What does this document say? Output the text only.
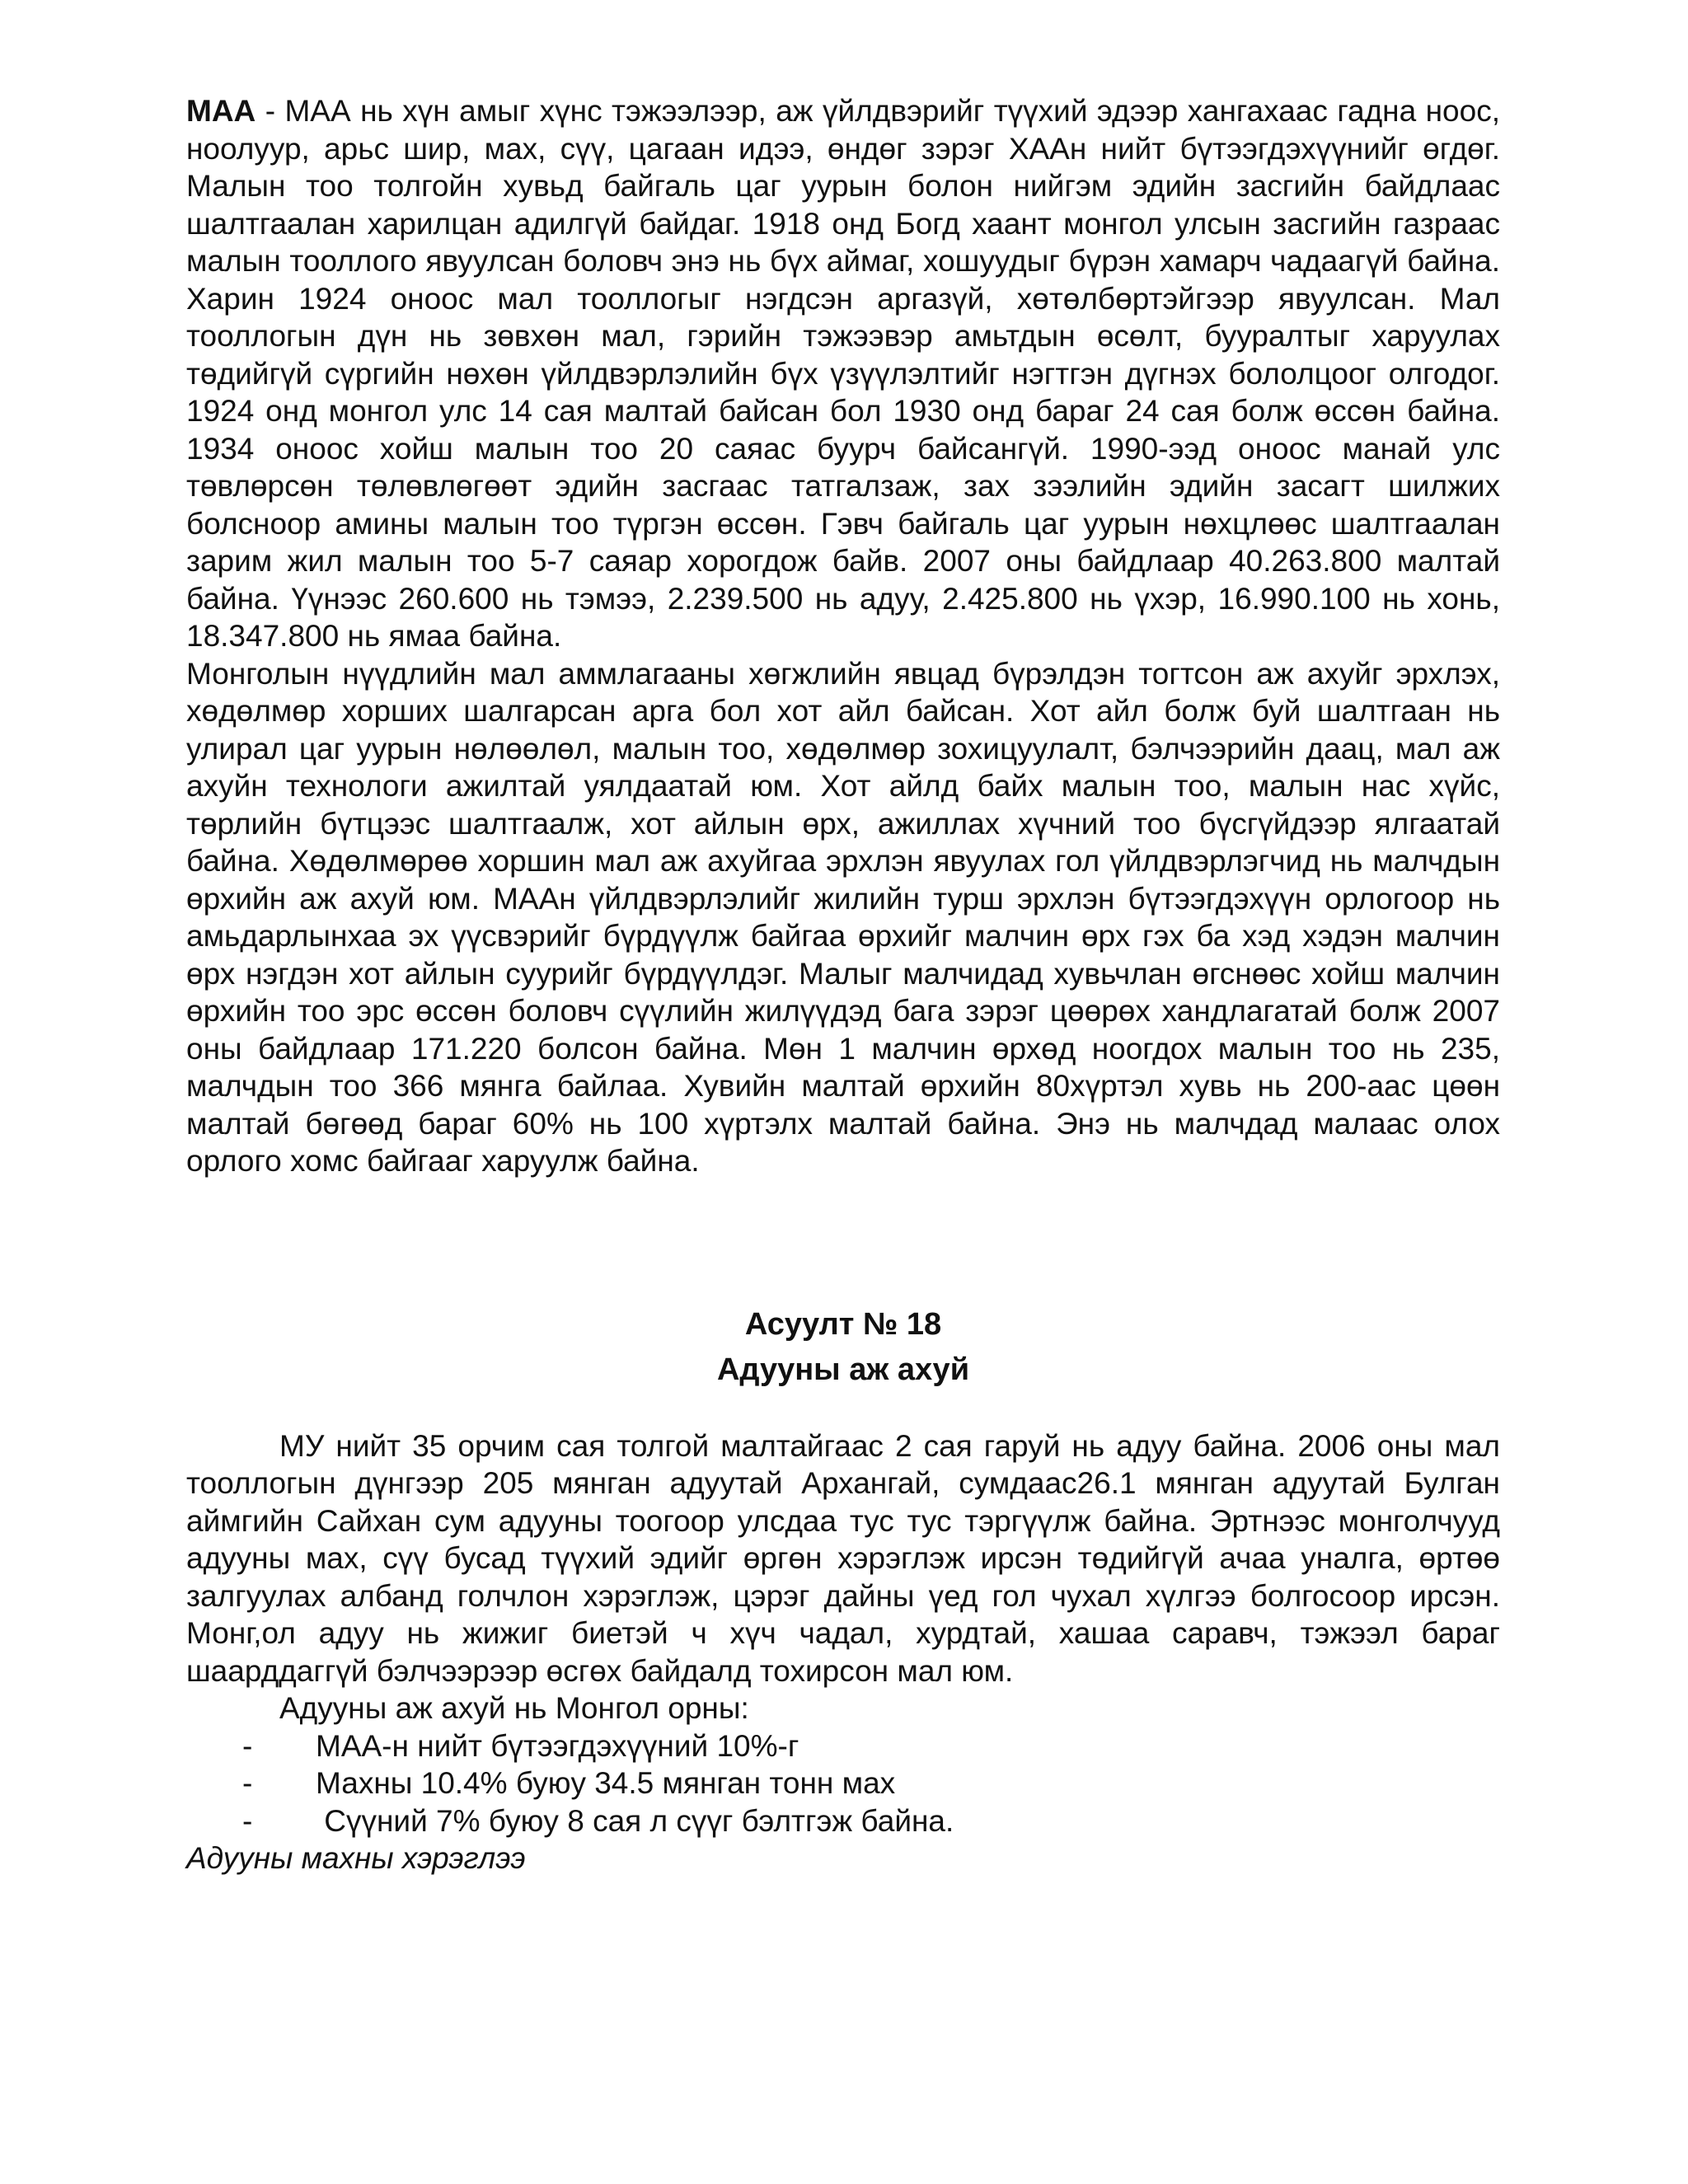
МАА - МАА нь хүн амыг хүнс тэжээлээр, аж үйлдвэрийг түүхий эдээр хангахаас гадна ноос, ноолуур, арьс шир, мах, сүү, цагаан идээ, өндөг зэрэг ХААн нийт бүтээгдэхүүнийг өгдөг. Малын тоо толгойн хувьд байгаль цаг уурын болон нийгэм эдийн засгийн байдлаас шалтгаалан харилцан адилгүй байдаг. 1918 онд Богд хаант монгол улсын засгийн газраас малын тооллого явуулсан боловч энэ нь бүх аймаг, хошуудыг бүрэн хамарч чадаагүй байна. Харин 1924 оноос мал тооллогыг нэгдсэн аргазүй, хөтөлбөртэйгээр явуулсан. Мал тооллогын дүн нь зөвхөн мал, гэрийн тэжээвэр амьтдын өсөлт, бууралтыг харуулах төдийгүй сүргийн нөхөн үйлдвэрлэлийн бүх үзүүлэлтийг нэгтгэн дүгнэх бололцоог олгодог. 1924 онд монгол улс 14 сая малтай байсан бол 1930 онд бараг 24 сая болж өссөн байна. 1934 оноос хойш малын тоо 20 саяас буурч байсангүй. 1990-ээд оноос манай улс төвлөрсөн төлөвлөгөөт эдийн засгаас татгалзаж, зах зээлийн эдийн засагт шилжих болсноор амины малын тоо түргэн өссөн. Гэвч байгаль цаг уурын нөхцлөөс шалтгаалан зарим жил малын тоо 5-7 саяар хорогдож байв. 2007 оны байдлаар 40.263.800 малтай байна. Үүнээс 260.600 нь тэмээ, 2.239.500 нь адуу, 2.425.800 нь үхэр, 16.990.100 нь хонь, 18.347.800 нь ямаа байна.

Монголын нүүдлийн мал аммлагааны хөгжлийн явцад бүрэлдэн тогтсон аж ахуйг эрхлэх, хөдөлмөр хорших шалгарсан арга бол хот айл байсан. Хот айл болж буй шалтгаан нь улирал цаг уурын нөлөөлөл, малын тоо, хөдөлмөр зохицуулалт, бэлчээрийн даац, мал аж ахуйн технологи ажилтай уялдаатай юм. Хот айлд байх малын тоо, малын нас хүйс, төрлийн бүтцээс шалтгаалж, хот айлын өрх, ажиллах хүчний тоо бүсгүйдээр ялгаатай байна. Хөдөлмөрөө хоршин мал аж ахуйгаа эрхлэн явуулах гол үйлдвэрлэгчид нь малчдын өрхийн аж ахуй юм. МААн үйлдвэрлэлийг жилийн турш эрхлэн бүтээгдэхүүн орлогоор нь амьдарлынхаа эх үүсвэрийг бүрдүүлж байгаа өрхийг малчин өрх гэх ба хэд хэдэн малчин өрх нэгдэн хот айлын суурийг бүрдүүлдэг. Малыг малчидад хувьчлан өгснөөс хойш малчин өрхийн тоо эрс өссөн боловч сүүлийн жилүүдэд бага зэрэг цөөрөх хандлагатай болж 2007 оны байдлаар 171.220 болсон байна. Мөн 1 малчин өрхөд ноогдох малын тоо нь 235, малчдын тоо 366 мянга байлаа. Хувийн малтай өрхийн 80хүртэл хувь нь 200-аас цөөн малтай бөгөөд бараг 60% нь 100 хүртэлх малтай байна. Энэ нь малчдад малаас олох орлого хомс байгааг харуулж байна.

Асуулт № 18
Адууны аж ахуй

МУ нийт 35 орчим сая толгой малтайгаас 2 сая гаруй нь адуу байна. 2006 оны мал тооллогын дүнгээр 205 мянган адуутай Архангай, сумдаас26.1 мянган адуутай Булган аймгийн Сайхан сум адууны тоогоор улсдаа тус тус тэргүүлж байна. Эртнээс монголчууд адууны мах, сүү бусад түүхий эдийг өргөн хэрэглэж ирсэн төдийгүй ачаа уналга, өртөө залгуулах албанд голчлон хэрэглэж, цэрэг дайны үед гол чухал хүлгээ болгосоор ирсэн. Монг,ол адуу нь жижиг биетэй ч хүч чадал, хурдтай, хашаа саравч, тэжээл бараг шаарддаггүй бэлчээрээр өсгөх байдалд тохирсон мал юм.

Адууны аж ахуй нь Монгол орны:

- МАА-н нийт бүтээгдэхүүний 10%-г
- Махны 10.4% буюу 34.5 мянган тонн мах
- Сүүний 7% буюу 8 сая л сүүг бэлтгэж байна.

Адууны махны хэрэглээ
